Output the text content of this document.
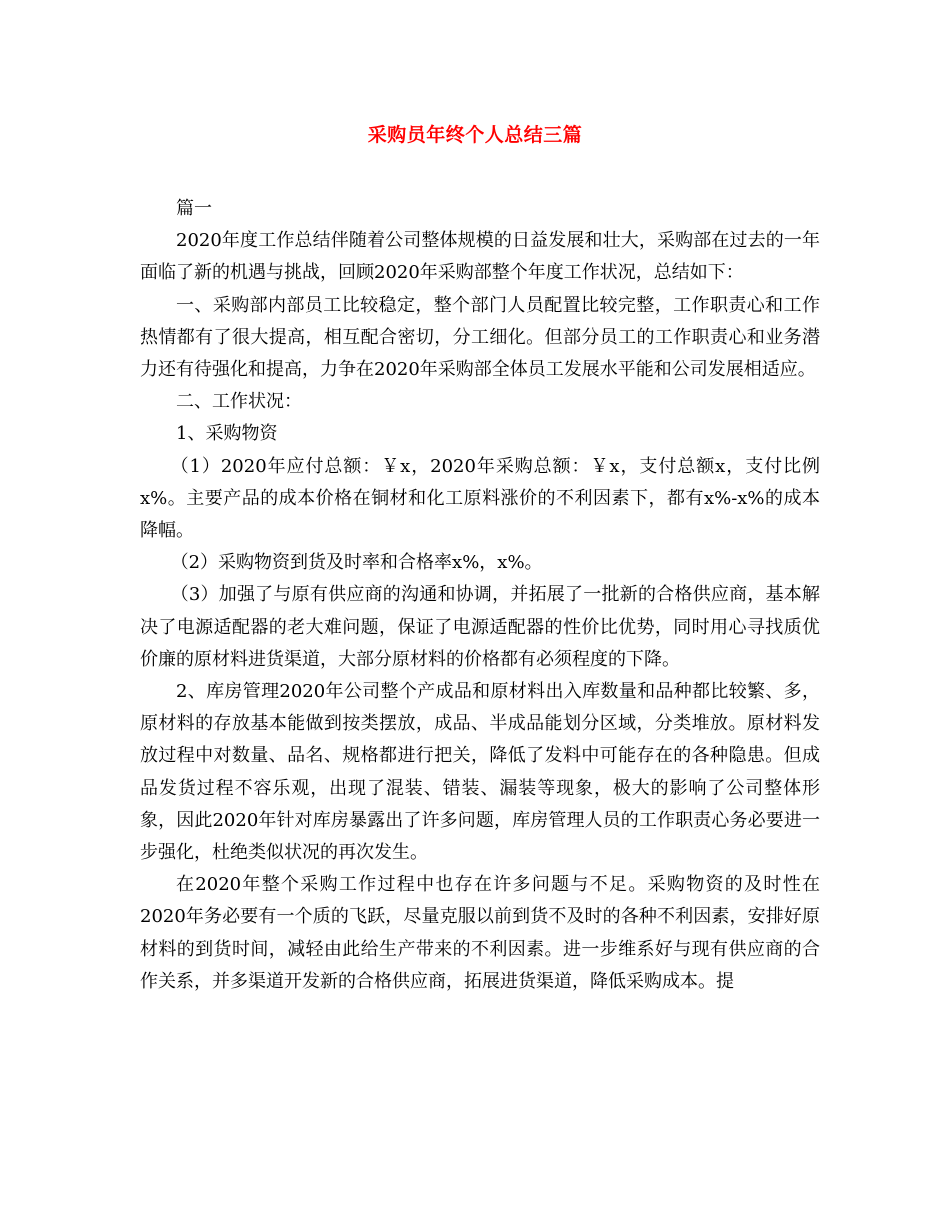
采购员年终个人总结三篇

篇一

2020年度工作总结伴随着公司整体规模的日益发展和壮大，采购部在过去的一年面临了新的机遇与挑战，回顾2020年采购部整个年度工作状况，总结如下：

一、采购部内部员工比较稳定，整个部门人员配置比较完整，工作职责心和工作热情都有了很大提高，相互配合密切，分工细化。但部分员工的工作职责心和业务潜力还有待强化和提高，力争在2020年采购部全体员工发展水平能和公司发展相适应。

二、工作状况：

1、采购物资

（1）2020年应付总额：￥x，2020年采购总额：￥x，支付总额x，支付比例x%。主要产品的成本价格在铜材和化工原料涨价的不利因素下，都有x%-x%的成本降幅。

（2）采购物资到货及时率和合格率x%，x%。

（3）加强了与原有供应商的沟通和协调，并拓展了一批新的合格供应商，基本解决了电源适配器的老大难问题，保证了电源适配器的性价比优势，同时用心寻找质优价廉的原材料进货渠道，大部分原材料的价格都有必须程度的下降。

2、库房管理2020年公司整个产成品和原材料出入库数量和品种都比较繁、多，原材料的存放基本能做到按类摆放，成品、半成品能划分区域，分类堆放。原材料发放过程中对数量、品名、规格都进行把关，降低了发料中可能存在的各种隐患。但成品发货过程不容乐观，出现了混装、错装、漏装等现象，极大的影响了公司整体形象，因此2020年针对库房暴露出了许多问题，库房管理人员的工作职责心务必要进一步强化，杜绝类似状况的再次发生。

在2020年整个采购工作过程中也存在许多问题与不足。采购物资的及时性在2020年务必要有一个质的飞跃，尽量克服以前到货不及时的各种不利因素，安排好原材料的到货时间，减轻由此给生产带来的不利因素。进一步维系好与现有供应商的合作关系，并多渠道开发新的合格供应商，拓展进货渠道，降低采购成本。提
